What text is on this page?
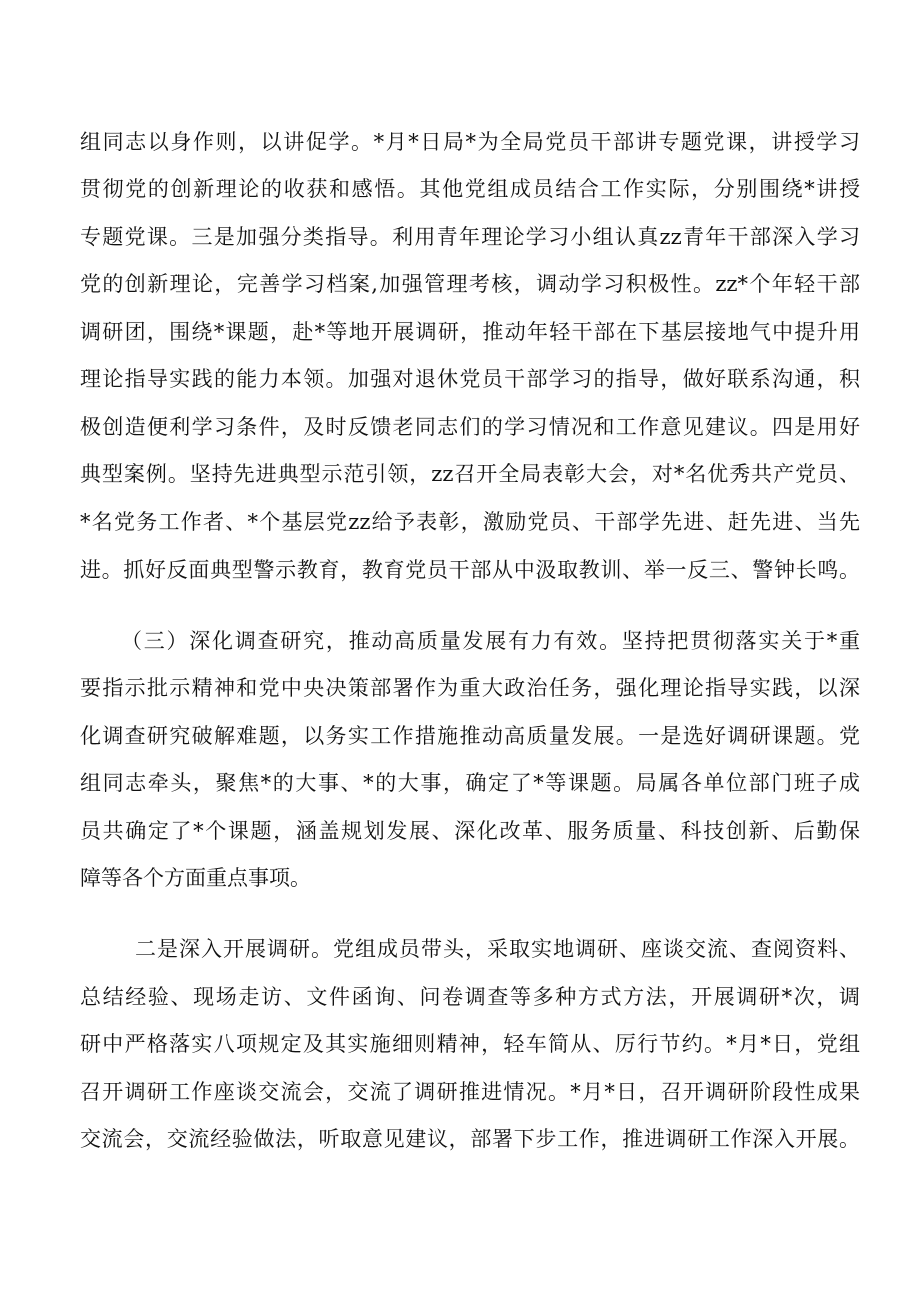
组同志以身作则，以讲促学。*月*日局*为全局党员干部讲专题党课，讲授学习
贯彻党的创新理论的收获和感悟。其他党组成员结合工作实际，分别围绕*讲授
专题党课。三是加强分类指导。利用青年理论学习小组认真zz青年干部深入学习
党的创新理论，完善学习档案,加强管理考核，调动学习积极性。zz*个年轻干部
调研团，围绕*课题，赴*等地开展调研，推动年轻干部在下基层接地气中提升用
理论指导实践的能力本领。加强对退休党员干部学习的指导，做好联系沟通，积
极创造便利学习条件，及时反馈老同志们的学习情况和工作意见建议。四是用好
典型案例。坚持先进典型示范引领，zz召开全局表彰大会，对*名优秀共产党员、
*名党务工作者、*个基层党zz给予表彰，激励党员、干部学先进、赶先进、当先
进。抓好反面典型警示教育，教育党员干部从中汲取教训、举一反三、警钟长鸣。
（三）深化调查研究，推动高质量发展有力有效。坚持把贯彻落实关于*重
要指示批示精神和党中央决策部署作为重大政治任务，强化理论指导实践，以深
化调查研究破解难题，以务实工作措施推动高质量发展。一是选好调研课题。党
组同志牵头，聚焦*的大事、*的大事，确定了*等课题。局属各单位部门班子成
员共确定了*个课题，涵盖规划发展、深化改革、服务质量、科技创新、后勤保
障等各个方面重点事项。
二是深入开展调研。党组成员带头，采取实地调研、座谈交流、查阅资料、
总结经验、现场走访、文件函询、问卷调查等多种方式方法，开展调研*次，调
研中严格落实八项规定及其实施细则精神，轻车简从、厉行节约。*月*日，党组
召开调研工作座谈交流会，交流了调研推进情况。*月*日，召开调研阶段性成果
交流会，交流经验做法，听取意见建议，部署下步工作，推进调研工作深入开展。
